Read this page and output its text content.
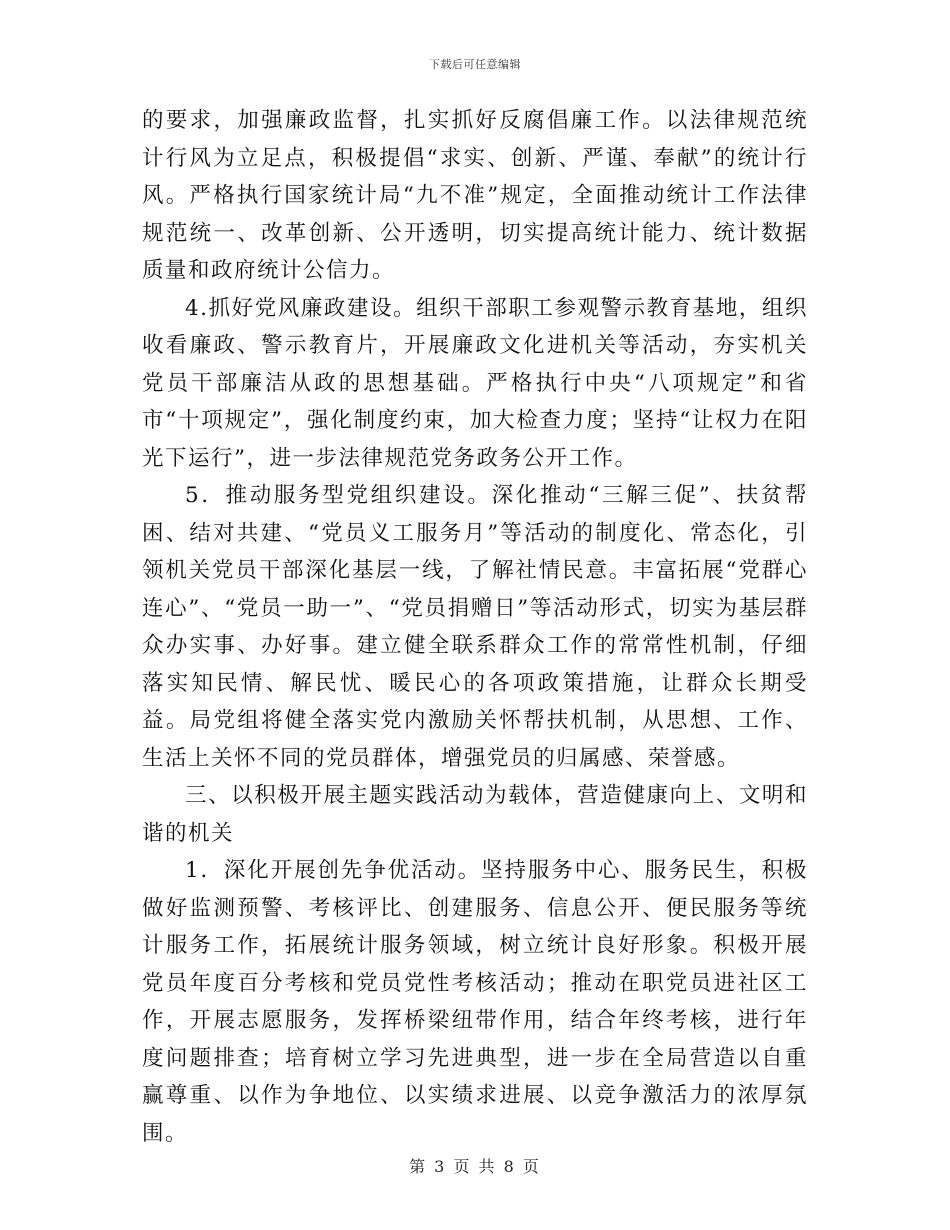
下载后可任意编辑

的要求，加强廉政监督，扎实抓好反腐倡廉工作。以法律规范统计行风为立足点，积极提倡“求实、创新、严谨、奉献”的统计行风。严格执行国家统计局“九不准”规定，全面推动统计工作法律规范统一、改革创新、公开透明，切实提高统计能力、统计数据质量和政府统计公信力。

4.抓好党风廉政建设。组织干部职工参观警示教育基地，组织收看廉政、警示教育片，开展廉政文化进机关等活动，夯实机关党员干部廉洁从政的思想基础。严格执行中央“八项规定”和省市“十项规定”，强化制度约束，加大检查力度；坚持“让权力在阳光下运行”，进一步法律规范党务政务公开工作。

5．推动服务型党组织建设。深化推动“三解三促”、扶贫帮困、结对共建、“党员义工服务月”等活动的制度化、常态化，引领机关党员干部深化基层一线，了解社情民意。丰富拓展“党群心连心”、“党员一助一”、“党员捐赠日”等活动形式，切实为基层群众办实事、办好事。建立健全联系群众工作的常常性机制，仔细落实知民情、解民忧、暖民心的各项政策措施，让群众长期受益。局党组将健全落实党内激励关怀帮扶机制，从思想、工作、生活上关怀不同的党员群体，增强党员的归属感、荣誉感。

三、以积极开展主题实践活动为载体，营造健康向上、文明和谐的机关

1．深化开展创先争优活动。坚持服务中心、服务民生，积极做好监测预警、考核评比、创建服务、信息公开、便民服务等统计服务工作，拓展统计服务领域，树立统计良好形象。积极开展党员年度百分考核和党员党性考核活动；推动在职党员进社区工作，开展志愿服务，发挥桥梁纽带作用，结合年终考核，进行年度问题排查；培育树立学习先进典型，进一步在全局营造以自重赢尊重、以作为争地位、以实绩求进展、以竞争激活力的浓厚氛围。

第 3 页 共 8 页
